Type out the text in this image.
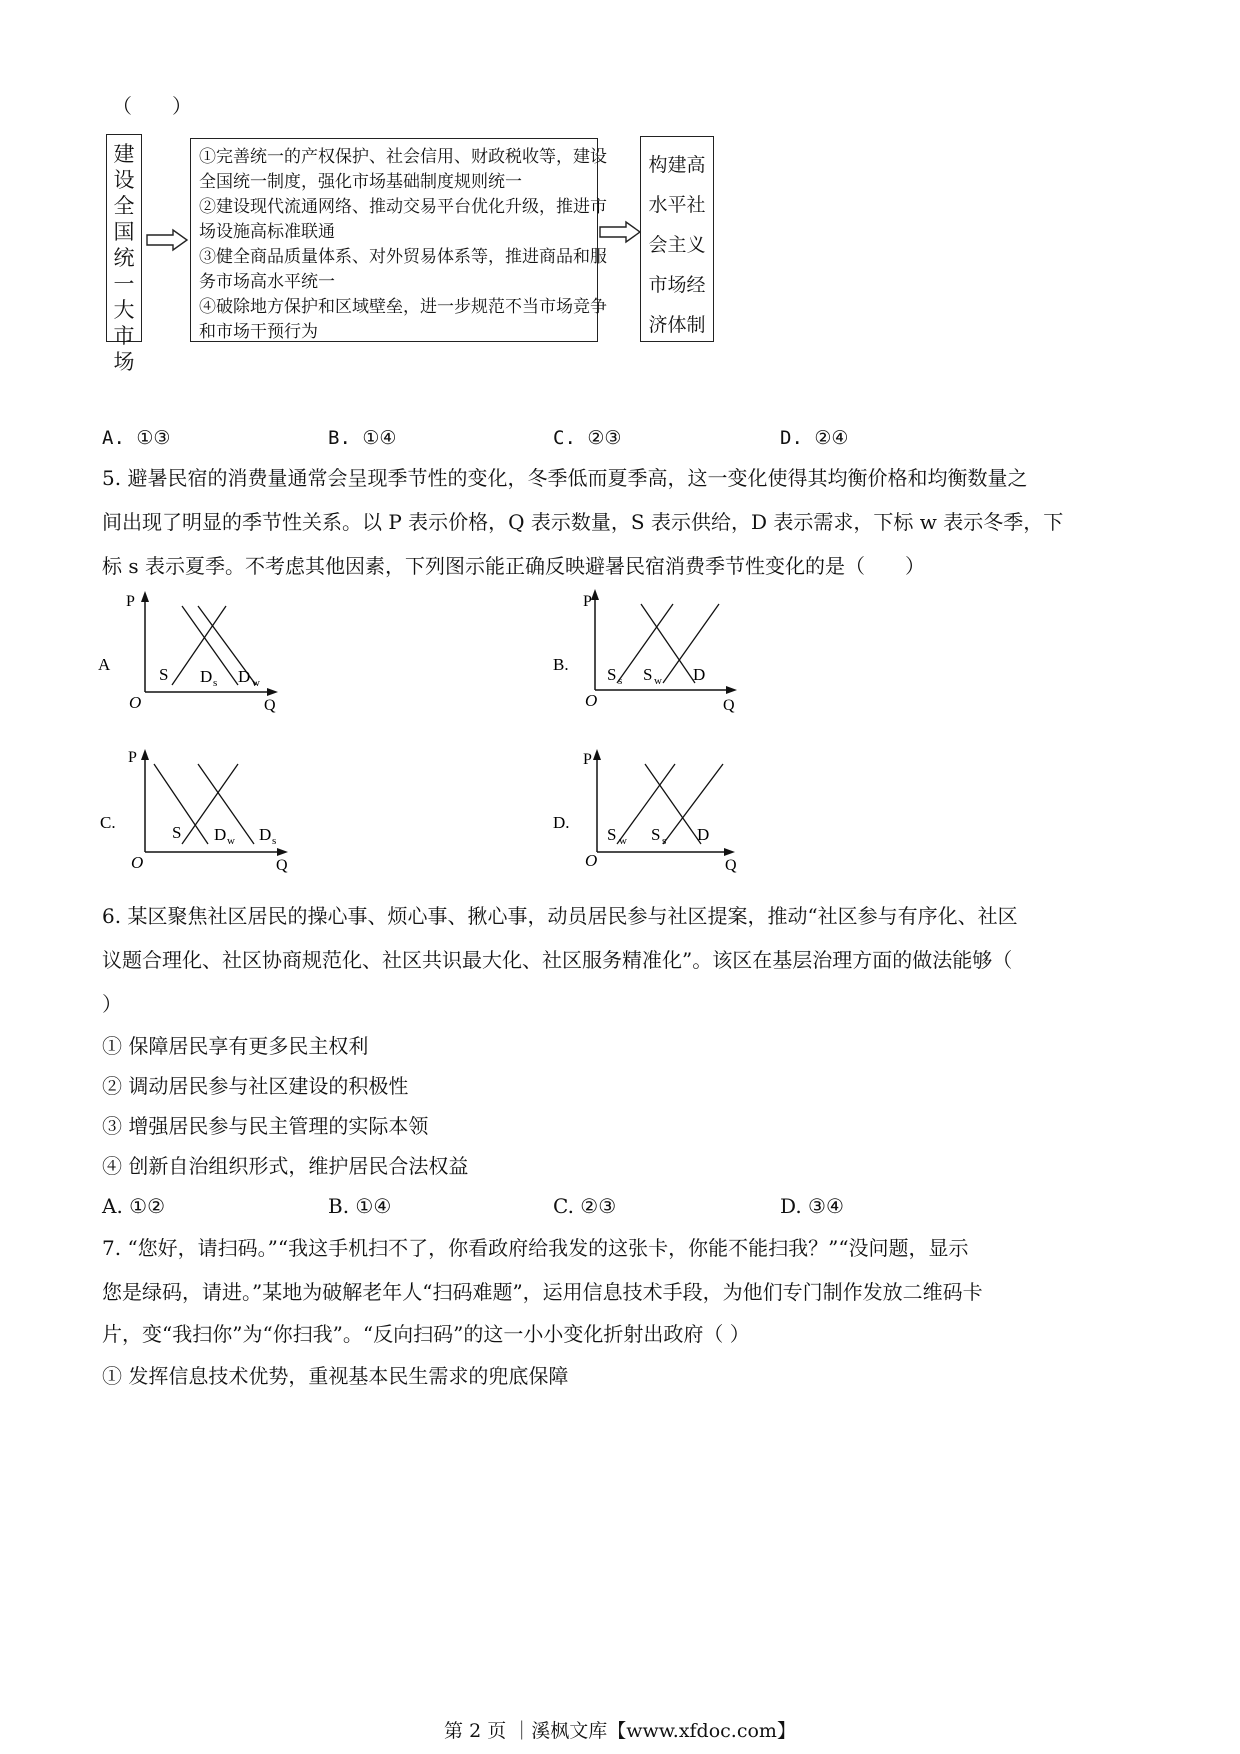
（　　）
建
设
全
国
统
一
大
市
场
①完善统一的产权保护、社会信用、财政税收等，建设
全国统一制度，强化市场基础制度规则统一
②建设现代流通网络、推动交易平台优化升级，推进市
场设施高标准联通
③健全商品质量体系、对外贸易体系等，推进商品和服
务市场高水平统一
④破除地方保护和区域壁垒，进一步规范不当市场竞争
和市场干预行为
构建高
水平社
会主义
市场经
济体制
A. ①③	B. ①④	C. ②③	D. ②④
5. 避暑民宿的消费量通常会呈现季节性的变化，冬季低而夏季高，这一变化使得其均衡价格和均衡数量之
间出现了明显的季节性关系。以 P 表示价格，Q 表示数量，S 表示供给，D 表示需求，下标 w 表示冬季，下
标 s 表示夏季。不考虑其他因素，下列图示能正确反映避暑民宿消费季节性变化的是（　　）
A
P
Q
O
S D s D w
B.
P
Q
O
S s S w D
C.
P
Q
O
S D w D s
D.
P
Q
O
S w S s D
6. 某区聚焦社区居民的操心事、烦心事、揪心事，动员居民参与社区提案，推动“社区参与有序化、社区
议题合理化、社区协商规范化、社区共识最大化、社区服务精准化”。该区在基层治理方面的做法能够（
）
① 保障居民享有更多民主权利
② 调动居民参与社区建设的积极性
③ 增强居民参与民主管理的实际本领
④ 创新自治组织形式，维护居民合法权益
A. ①②	B. ①④	C. ②③	D. ③④
7. “您好，请扫码。”“我这手机扫不了，你看政府给我发的这张卡，你能不能扫我？”“没问题，显示
您是绿码，请进。”某地为破解老年人“扫码难题”，运用信息技术手段，为他们专门制作发放二维码卡
片，变“我扫你”为“你扫我”。“反向扫码”的这一小小变化折射出政府（ ）
① 发挥信息技术优势，重视基本民生需求的兜底保障
第 2 页 ｜溪枫文库【www.xfdoc.com】
